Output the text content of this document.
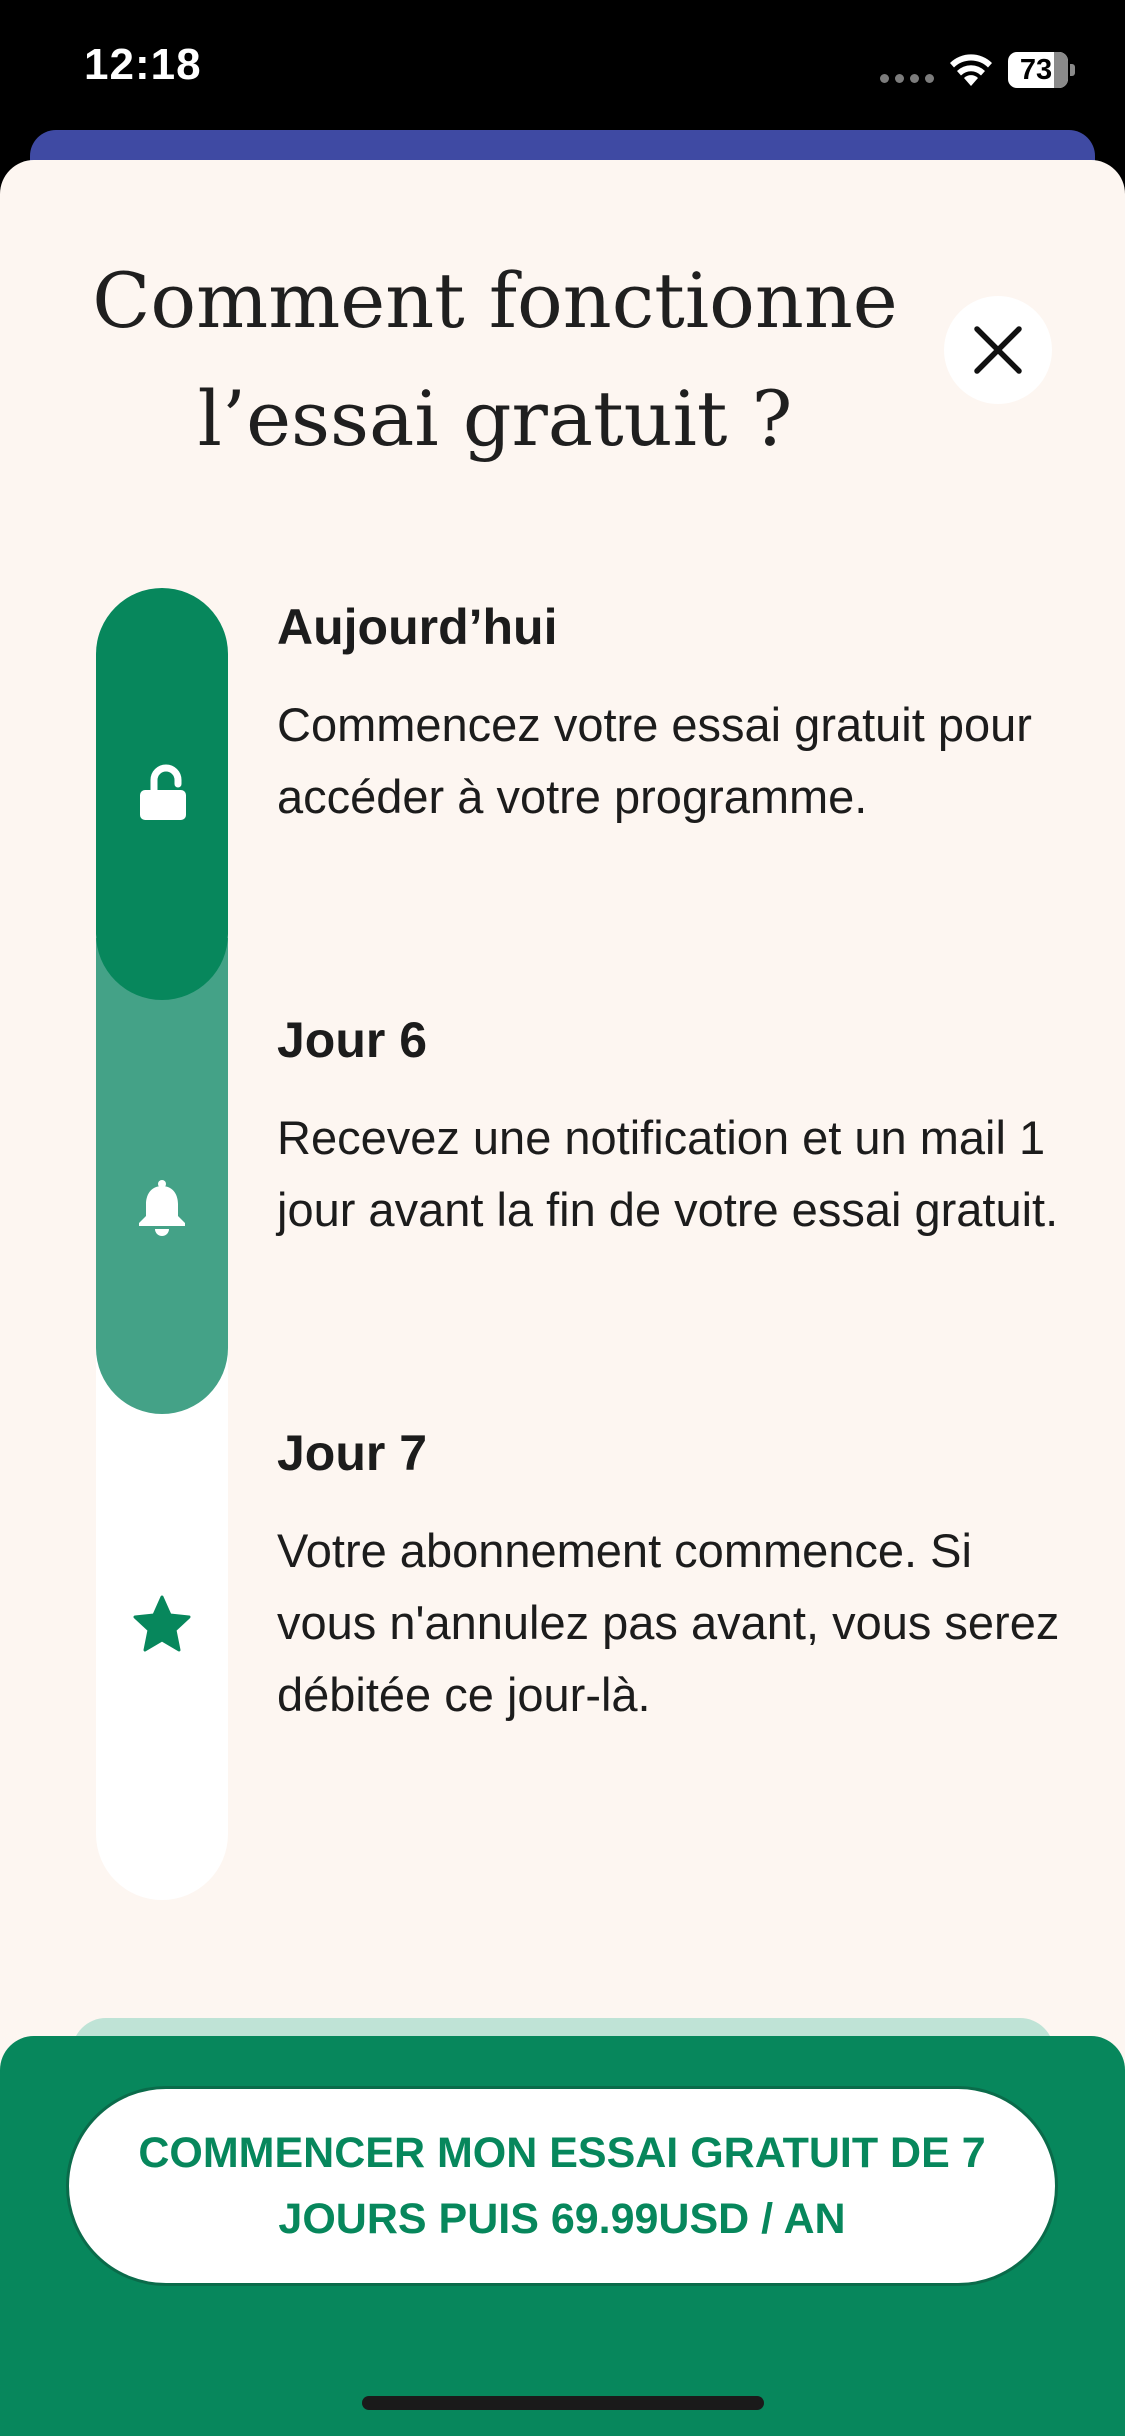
12:18	73
Comment fonctionne
l’essai gratuit ?
Aujourd’hui
Commencez votre essai gratuit pour accéder à votre programme.
Jour 6
Recevez une notification et un mail 1 jour avant la fin de votre essai gratuit.
Jour 7
Votre abonnement commence. Si vous n'annulez pas avant, vous serez débitée ce jour-là.
COMMENCER MON ESSAI GRATUIT DE 7 JOURS PUIS 69.99USD / AN
